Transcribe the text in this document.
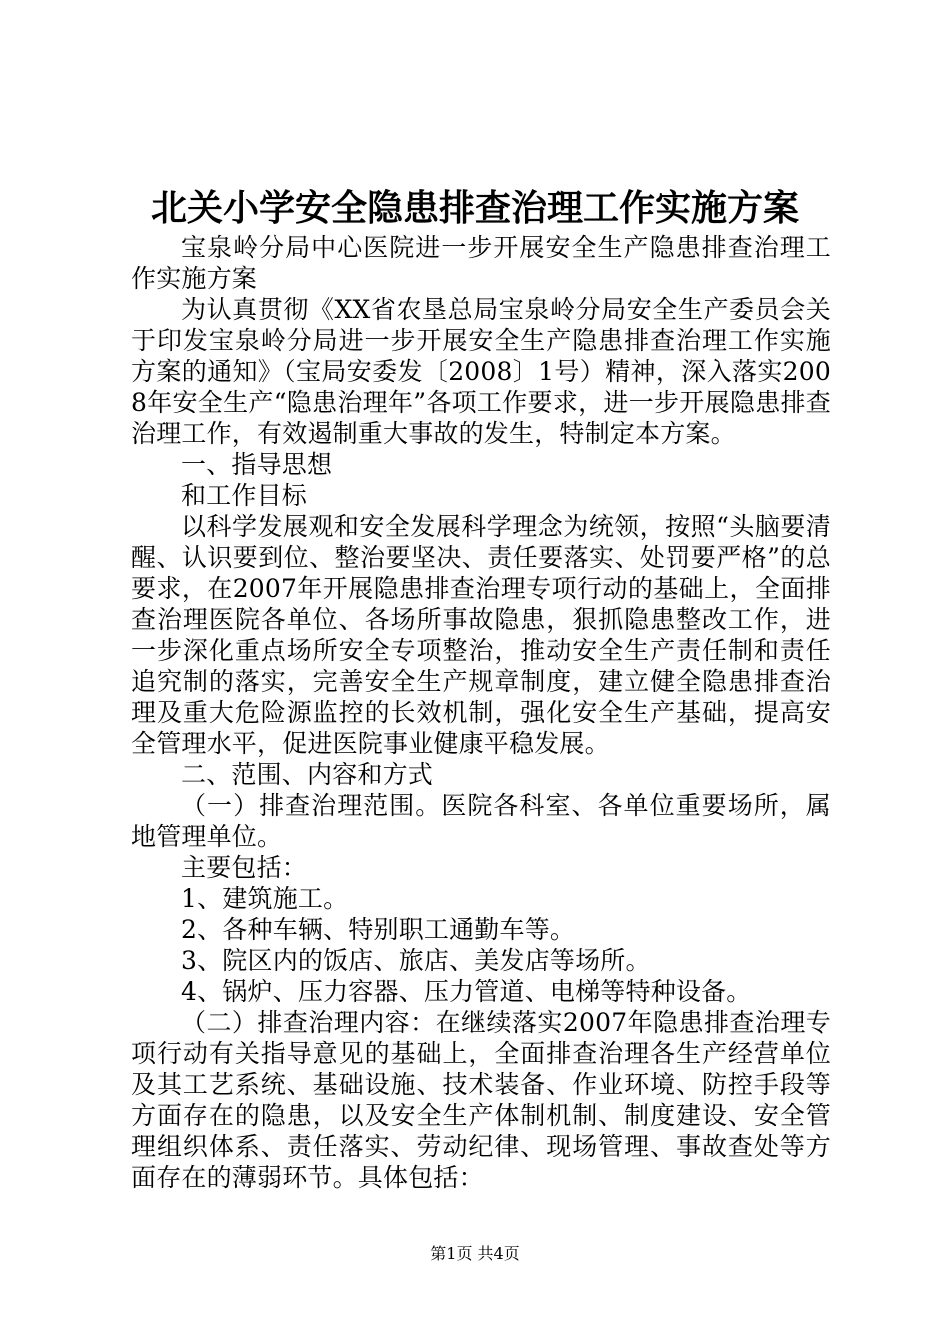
北关小学安全隐患排查治理工作实施方案

宝泉岭分局中心医院进一步开展安全生产隐患排查治理工作实施方案

为认真贯彻《XX省农垦总局宝泉岭分局安全生产委员会关于印发宝泉岭分局进一步开展安全生产隐患排查治理工作实施方案的通知》（宝局安委发〔2008〕1号）精神，深入落实2008年安全生产“隐患治理年”各项工作要求，进一步开展隐患排查治理工作，有效遏制重大事故的发生，特制定本方案。

一、指导思想

和工作目标

以科学发展观和安全发展科学理念为统领，按照“头脑要清醒、认识要到位、整治要坚决、责任要落实、处罚要严格”的总要求，在2007年开展隐患排查治理专项行动的基础上，全面排查治理医院各单位、各场所事故隐患，狠抓隐患整改工作，进一步深化重点场所安全专项整治，推动安全生产责任制和责任追究制的落实，完善安全生产规章制度，建立健全隐患排查治理及重大危险源监控的长效机制，强化安全生产基础，提高安全管理水平，促进医院事业健康平稳发展。

二、范围、内容和方式

（一）排查治理范围。医院各科室、各单位重要场所，属地管理单位。

主要包括：

1、建筑施工。

2、各种车辆、特别职工通勤车等。

3、院区内的饭店、旅店、美发店等场所。

4、锅炉、压力容器、压力管道、电梯等特种设备。

（二）排查治理内容：在继续落实2007年隐患排查治理专项行动有关指导意见的基础上，全面排查治理各生产经营单位及其工艺系统、基础设施、技术装备、作业环境、防控手段等方面存在的隐患，以及安全生产体制机制、制度建设、安全管理组织体系、责任落实、劳动纪律、现场管理、事故查处等方面存在的薄弱环节。具体包括：

第1页 共4页
